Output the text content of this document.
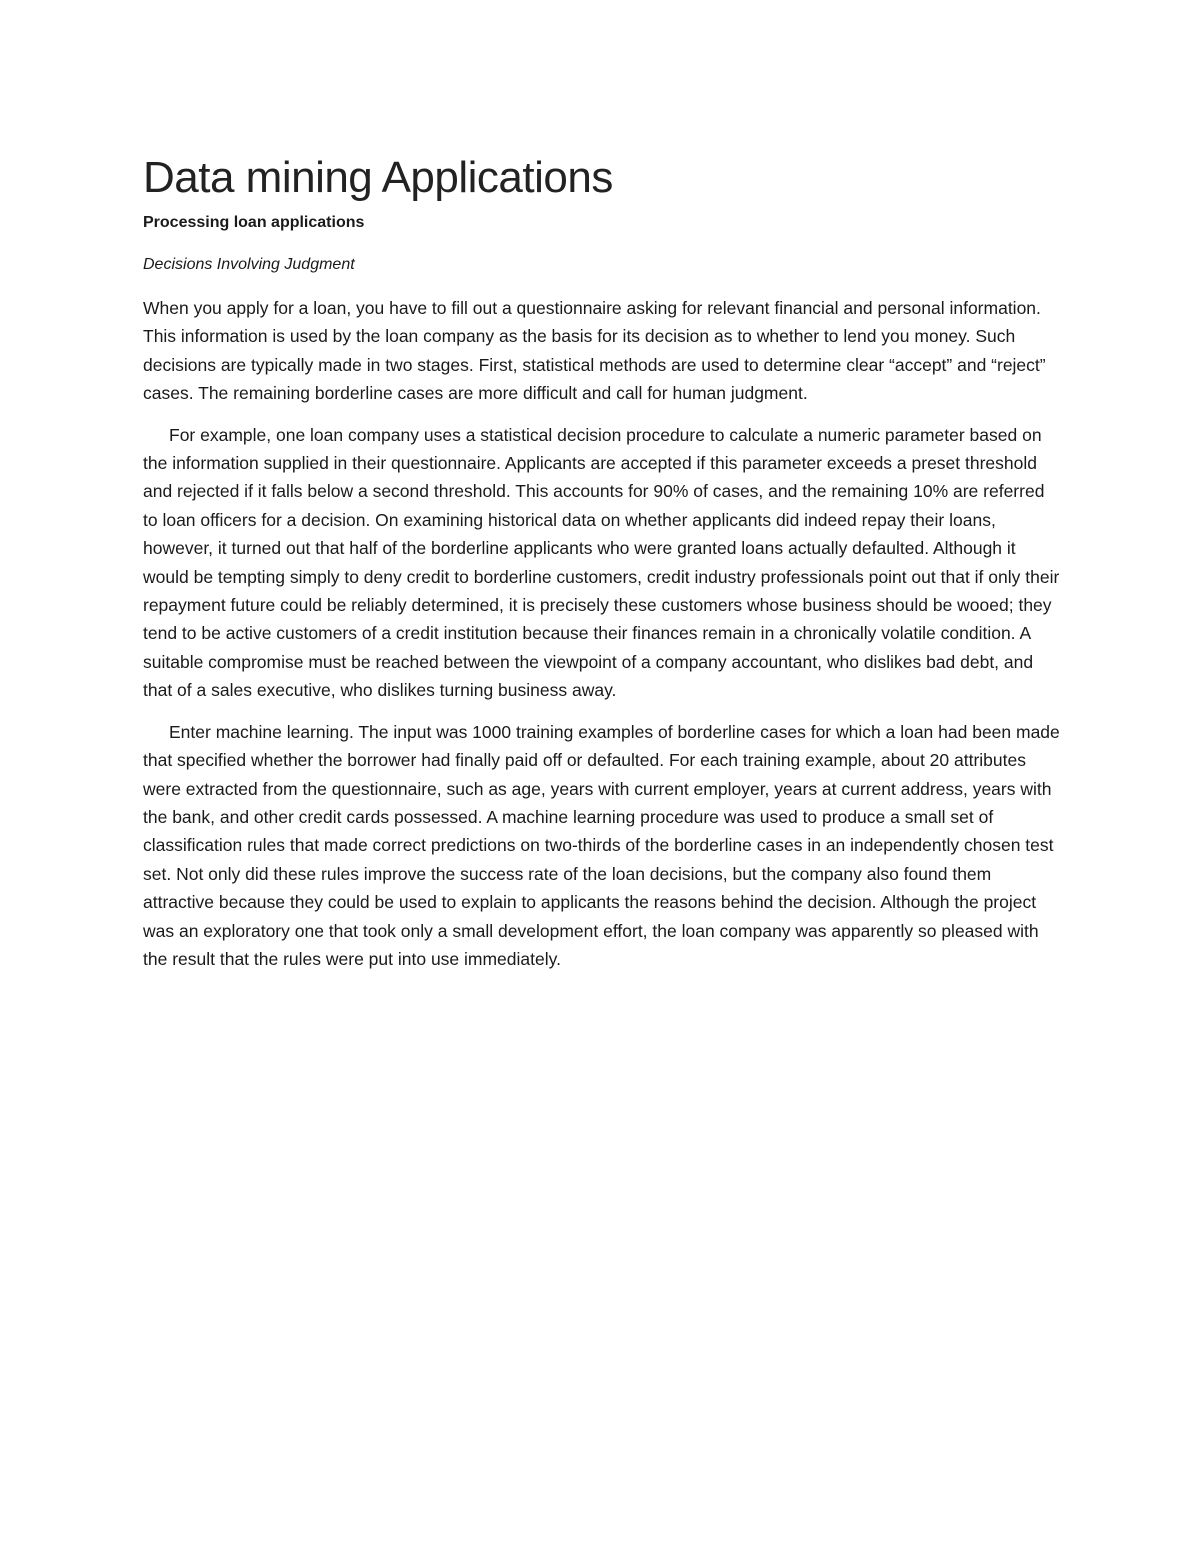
Data mining Applications
Processing loan applications
Decisions Involving Judgment

When you apply for a loan, you have to fill out a questionnaire asking for relevant financial and personal information. This information is used by the loan company as the basis for its decision as to whether to lend you money. Such decisions are typically made in two stages. First, statistical methods are used to determine clear “accept” and “reject” cases. The remaining borderline cases are more difficult and call for human judgment.

For example, one loan company uses a statistical decision procedure to calculate a numeric parameter based on the information supplied in their questionnaire. Applicants are accepted if this parameter exceeds a preset threshold and rejected if it falls below a second threshold. This accounts for 90% of cases, and the remaining 10% are referred to loan officers for a decision. On examining historical data on whether applicants did indeed repay their loans, however, it turned out that half of the borderline applicants who were granted loans actually defaulted. Although it would be tempting simply to deny credit to borderline customers, credit industry professionals point out that if only their repayment future could be reliably determined, it is precisely these customers whose business should be wooed; they tend to be active customers of a credit institution because their finances remain in a chronically volatile condition. A suitable compromise must be reached between the viewpoint of a company accountant, who dislikes bad debt, and that of a sales executive, who dislikes turning business away.

Enter machine learning. The input was 1000 training examples of borderline cases for which a loan had been made that specified whether the borrower had finally paid off or defaulted. For each training example, about 20 attributes were extracted from the questionnaire, such as age, years with current employer, years at current address, years with the bank, and other credit cards possessed. A machine learning procedure was used to produce a small set of classification rules that made correct predictions on two-thirds of the borderline cases in an independently chosen test set. Not only did these rules improve the success rate of the loan decisions, but the company also found them attractive because they could be used to explain to applicants the reasons behind the decision. Although the project was an exploratory one that took only a small development effort, the loan company was apparently so pleased with the result that the rules were put into use immediately.
